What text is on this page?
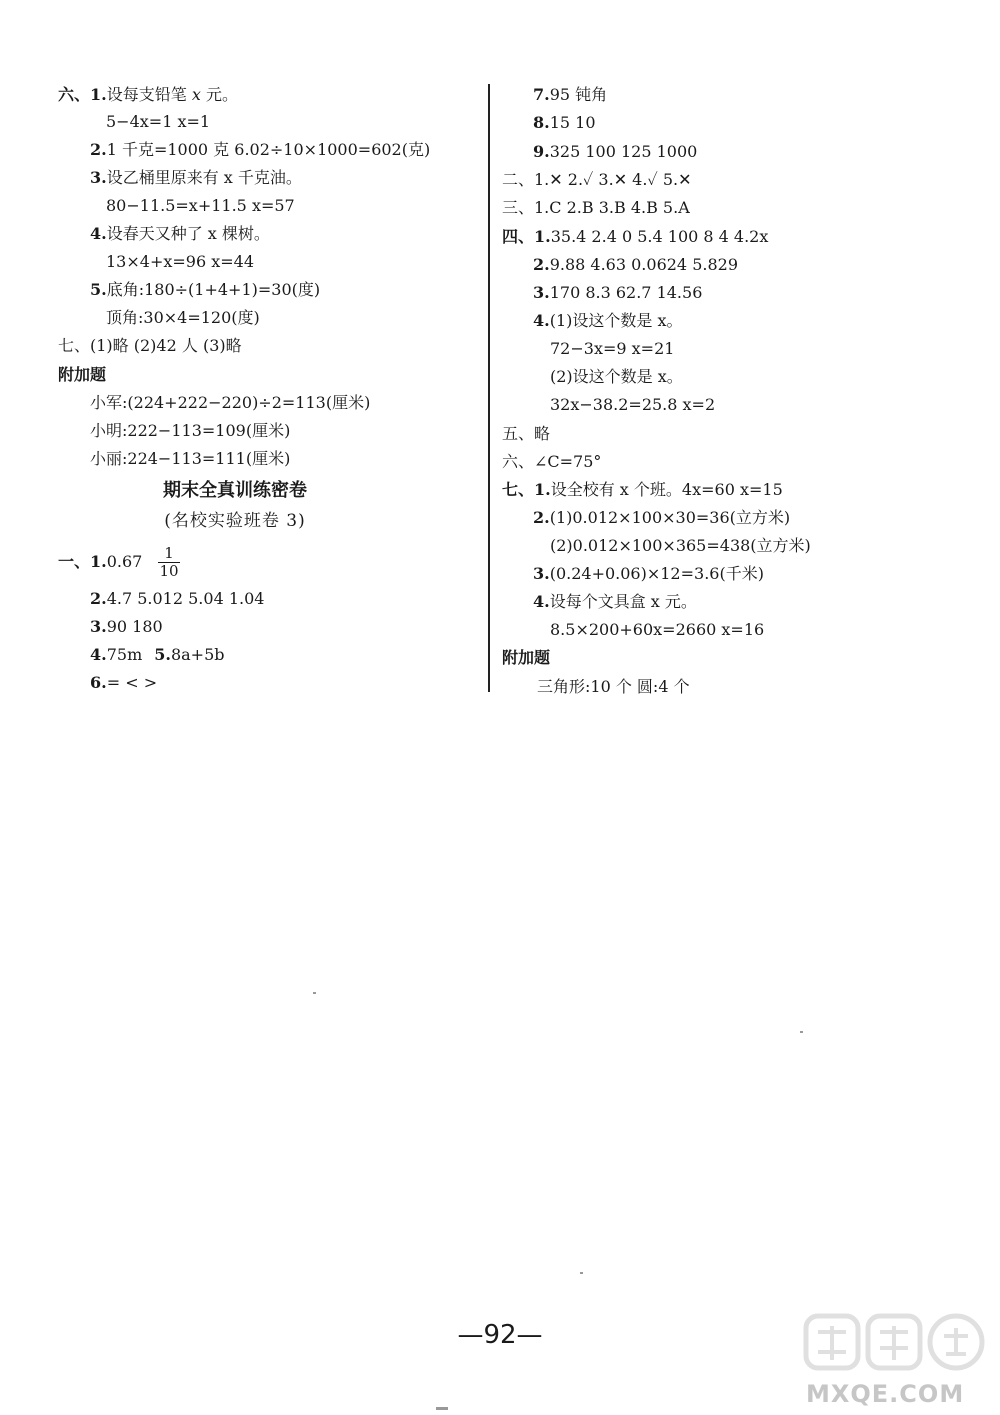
六、1.设每支铅笔 x 元。
5−4x=1 x=1
2.1 千克=1000 克 6.02÷10×1000=602(克)
3.设乙桶里原来有 x 千克油。
80−11.5=x+11.5 x=57
4.设春天又种了 x 棵树。
13×4+x=96 x=44
5.底角:180÷(1+4+1)=30(度)
顶角:30×4=120(度)
七、(1)略 (2)42 人 (3)略
附加题
小军:(224+222−220)÷2=113(厘米)
小明:222−113=109(厘米)
小丽:224−113=111(厘米)
期末全真训练密卷
(名校实验班卷 3)
一、$1.0.67 \frac{1}{10}$
2.4.7 5.012 5.04 1.04
3.90 180
4.75m 5.8a+5b
6.= < >
7.95 钝角
8.15 10
9.325 100 125 1000
二、1.✕ 2.✓ 3.✕ 4.✓ 5.✕
三、1.C 2.B 3.B 4.B 5.A
四、1.35.4 2.4 0 5.4 100 8 4 4.2x
2.9.88 4.63 0.0624 5.829
3.170 8.3 62.7 14.56
4.(1)设这个数是 x。
72−3x=9 x=21
(2)设这个数是 x。
32x−38.2=25.8 x=2
五、略
六、∠C=75°
七、1.设全校有 x 个班。4x=60 x=15
2.(1)0.012×100×30=36(立方米)
(2)0.012×100×365=438(立方米)
3.(0.24+0.06)×12=3.6(千米)
4.设每个文具盒 x 元。
8.5×200+60x=2660 x=16
附加题
三角形:10 个 圆:4 个
—92—
MXQE.COM
